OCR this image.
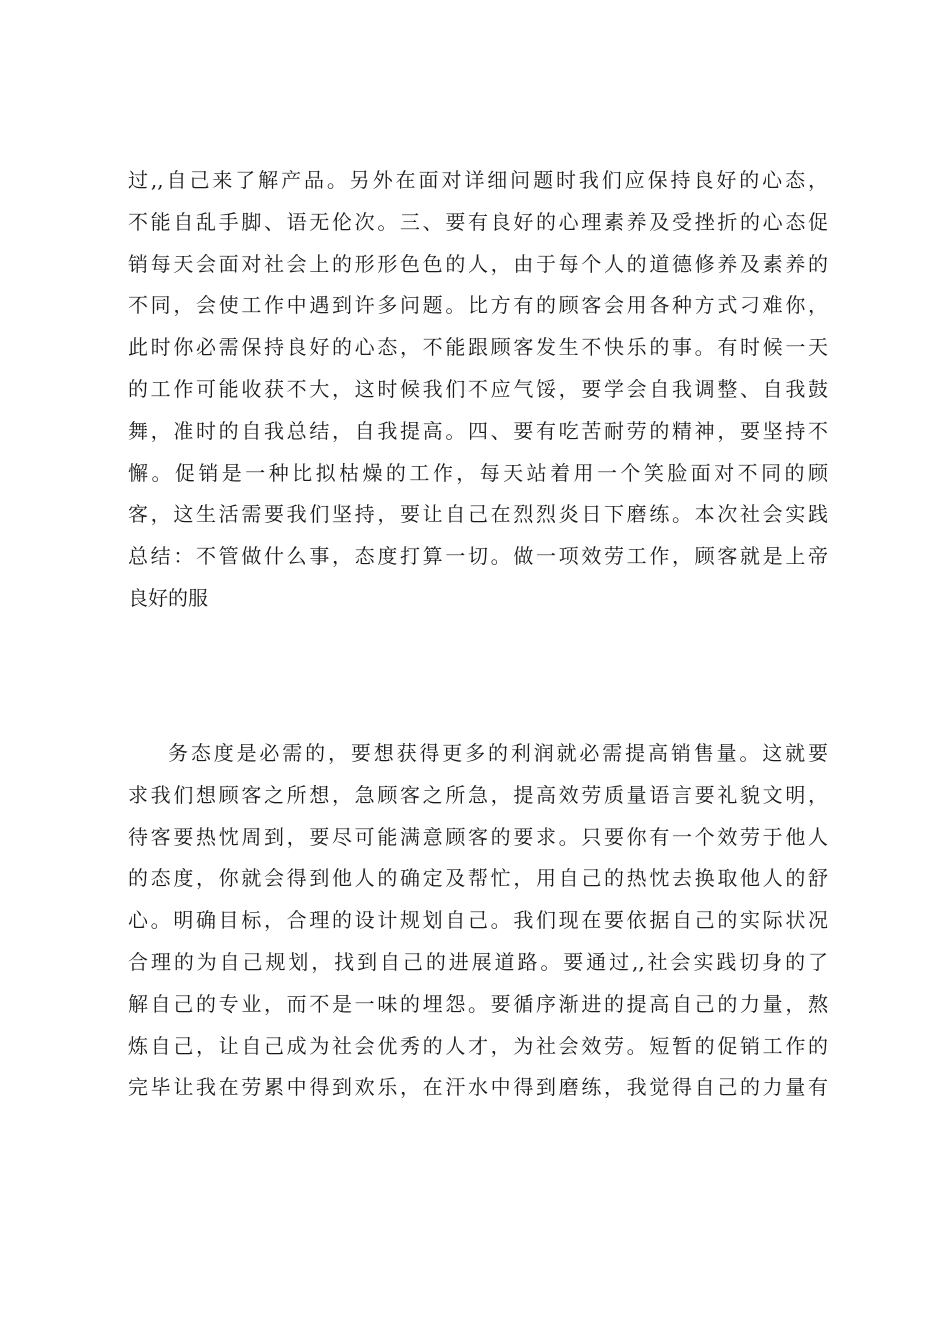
过,,自己来了解产品。另外在面对详细问题时我们应保持良好的心态，
不能自乱手脚、语无伦次。三、要有良好的心理素养及受挫折的心态促
销每天会面对社会上的形形色色的人，由于每个人的道德修养及素养的
不同，会使工作中遇到许多问题。比方有的顾客会用各种方式刁难你，
此时你必需保持良好的心态，不能跟顾客发生不快乐的事。有时候一天
的工作可能收获不大，这时候我们不应气馁，要学会自我调整、自我鼓
舞，准时的自我总结，自我提高。四、要有吃苦耐劳的精神，要坚持不
懈。促销是一种比拟枯燥的工作，每天站着用一个笑脸面对不同的顾
客，这生活需要我们坚持，要让自己在烈烈炎日下磨练。本次社会实践
总结：不管做什么事，态度打算一切。做一项效劳工作，顾客就是上帝
良好的服
务态度是必需的，要想获得更多的利润就必需提高销售量。这就要
求我们想顾客之所想，急顾客之所急，提高效劳质量语言要礼貌文明，
待客要热忱周到，要尽可能满意顾客的要求。只要你有一个效劳于他人
的态度，你就会得到他人的确定及帮忙，用自己的热忱去换取他人的舒
心。明确目标，合理的设计规划自己。我们现在要依据自己的实际状况
合理的为自己规划，找到自己的进展道路。要通过,,社会实践切身的了
解自己的专业，而不是一味的埋怨。要循序渐进的提高自己的力量，熬
炼自己，让自己成为社会优秀的人才，为社会效劳。短暂的促销工作的
完毕让我在劳累中得到欢乐，在汗水中得到磨练，我觉得自己的力量有
